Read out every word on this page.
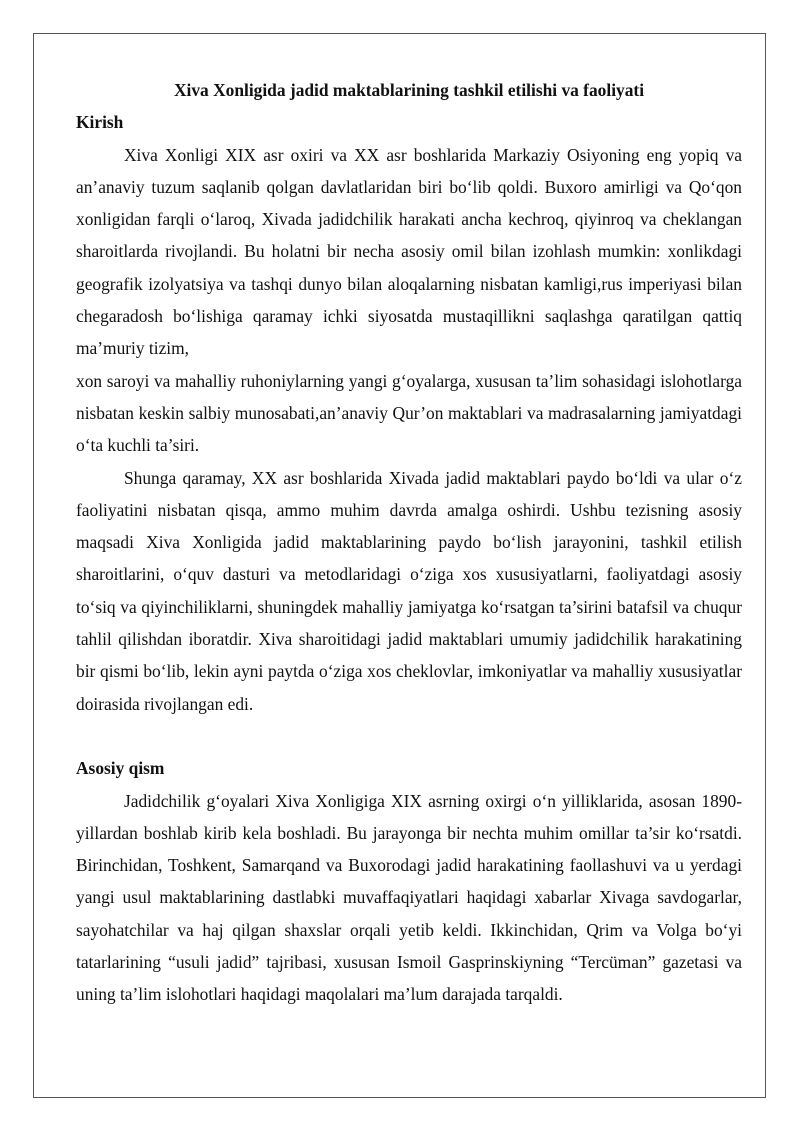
Xiva Xonligida jadid maktablarining tashkil etilishi va faoliyati

Kirish

Xiva Xonligi XIX asr oxiri va XX asr boshlarida Markaziy Osiyoning eng yopiq va an’anaviy tuzum saqlanib qolgan davlatlaridan biri bo‘lib qoldi. Buxoro amirligi va Qo‘qon xonligidan farqli o‘laroq, Xivada jadidchilik harakati ancha kechroq, qiyinroq va cheklangan sharoitlarda rivojlandi. Bu holatni bir necha asosiy omil bilan izohlash mumkin: xonlikdagi geografik izolyatsiya va tashqi dunyo bilan aloqalarning nisbatan kamligi,rus imperiyasi bilan chegaradosh bo‘lishiga qaramay ichki siyosatda mustaqillikni saqlashga qaratilgan qattiq ma’muriy tizim,

xon saroyi va mahalliy ruhoniylarning yangi g‘oyalarga, xususan ta’lim sohasidagi islohotlarga nisbatan keskin salbiy munosabati,an’anaviy Qur’on maktablari va madrasalarning jamiyatdagi o‘ta kuchli ta’siri.

Shunga qaramay, XX asr boshlarida Xivada jadid maktablari paydo bo‘ldi va ular o‘z faoliyatini nisbatan qisqa, ammo muhim davrda amalga oshirdi. Ushbu tezisning asosiy maqsadi Xiva Xonligida jadid maktablarining paydo bo‘lish jarayonini, tashkil etilish sharoitlarini, o‘quv dasturi va metodlaridagi o‘ziga xos xususiyatlarni, faoliyatdagi asosiy to‘siq va qiyinchiliklarni, shuningdek mahalliy jamiyatga ko‘rsatgan ta’sirini batafsil va chuqur tahlil qilishdan iboratdir. Xiva sharoitidagi jadid maktablari umumiy jadidchilik harakatining bir qismi bo‘lib, lekin ayni paytda o‘ziga xos cheklovlar, imkoniyatlar va mahalliy xususiyatlar doirasida rivojlangan edi.

Asosiy qism

Jadidchilik g‘oyalari Xiva Xonligiga XIX asrning oxirgi o‘n yilliklarida, asosan 1890-yillardan boshlab kirib kela boshladi. Bu jarayonga bir nechta muhim omillar ta’sir ko‘rsatdi. Birinchidan, Toshkent, Samarqand va Buxorodagi jadid harakatining faollashuvi va u yerdagi yangi usul maktablarining dastlabki muvaffaqiyatlari haqidagi xabarlar Xivaga savdogarlar, sayohatchilar va haj qilgan shaxslar orqali yetib keldi. Ikkinchidan, Qrim va Volga bo‘yi tatarlarining “usuli jadid” tajribasi, xususan Ismoil Gasprinskiyning “Tercüman” gazetasi va uning ta’lim islohotlari haqidagi maqolalari ma’lum darajada tarqaldi.
